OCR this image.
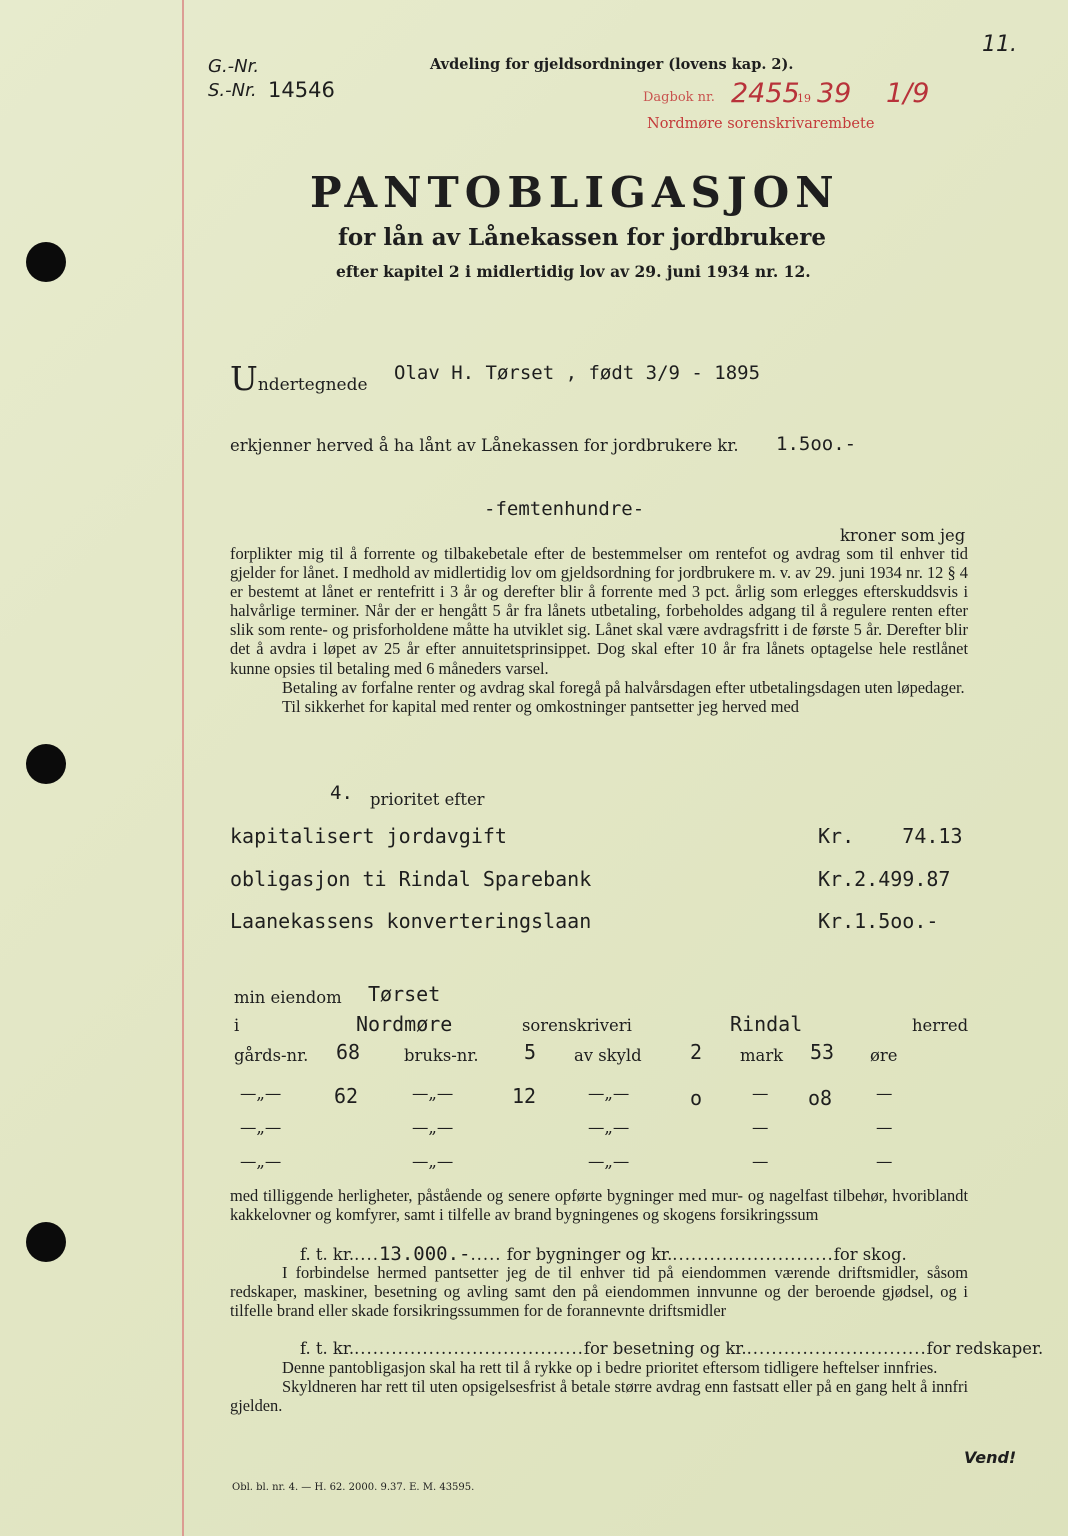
G.-Nr.
S.-Nr. 14546
Avdeling for gjeldsordninger (lovens kap. 2).
Dagbok nr. 2455
19 39 1/9
Nordmøre sorenskrivarembete
11.
PANTOBLIGASJON
for lån av Lånekassen for jordbrukere
efter kapitel 2 i midlertidig lov av 29. juni 1934 nr. 12.
Undertegnede
Olav H. Tørset , født 3/9 - 1895
erkjenner herved å ha lånt av Lånekassen for jordbrukere kr. 1.5oo.-
-femtenhundre-
kroner som jeg

forplikter mig til å forrente og tilbakebetale efter de bestemmelser om rentefot og avdrag som til enhver tid gjelder for lånet. I medhold av midlertidig lov om gjeldsordning for jordbrukere m. v. av 29. juni 1934 nr. 12 § 4 er bestemt at lånet er rentefritt i 3 år og derefter blir å forrente med 3 pct. årlig som erlegges efterskuddsvis i halvårlige terminer. Når der er hengått 5 år fra lånets utbetaling, forbeholdes adgang til å regulere renten efter slik som rente- og prisforholdene måtte ha utviklet sig. Lånet skal være avdragsfritt i de første 5 år. Derefter blir det å avdra i løpet av 25 år efter annuitetsprinsippet. Dog skal efter 10 år fra lånets optagelse hele restlånet kunne opsies til betaling med 6 måneders varsel.

Betaling av forfalne renter og avdrag skal foregå på halvårsdagen efter utbetalingsdagen uten løpedager.

Til sikkerhet for kapital med renter og omkostninger pantsetter jeg herved med

4. prioritet efter
kapitalisert jordavgift	Kr.    74.13
obligasjon ti Rindal Sparebank	Kr.2.499.87
Laanekassens konverteringslaan	Kr.1.5oo.-
min eiendom Tørset
i	Nordmøre	sorenskriveri	Rindal	herred
gårds-nr. 68	bruks-nr. 5 av skyld 2 mark 53 øre
—„—	62	—„—	12	—„—	o	— o8	—
—„—	—„—	—„—	—	—
—„—	—„—	—„—	—	—

med tilliggende herligheter, påstående og senere opførte bygninger med mur- og nagelfast tilbehør, hvoriblandt kakkelovner og komfyrer, samt i tilfelle av brand bygningenes og skogens forsikringssum

f. t. kr.....13.000.-..... for bygninger og kr...........................for skog.

I forbindelse hermed pantsetter jeg de til enhver tid på eiendommen værende driftsmidler, såsom redskaper, maskiner, besetning og avling samt den på eiendommen innvunne og der beroende gjødsel, og i tilfelle brand eller skade forsikringssummen for de forannevnte driftsmidler

f. t. kr......................................for besetning og kr..............................for redskaper.

Denne pantobligasjon skal ha rett til å rykke op i bedre prioritet eftersom tidligere heftelser innfries.

Skyldneren har rett til uten opsigelsesfrist å betale større avdrag enn fastsatt eller på en gang helt å innfri gjelden.

Vend!
Obl. bl. nr. 4. — H. 62. 2000. 9.37. E. M. 43595.
